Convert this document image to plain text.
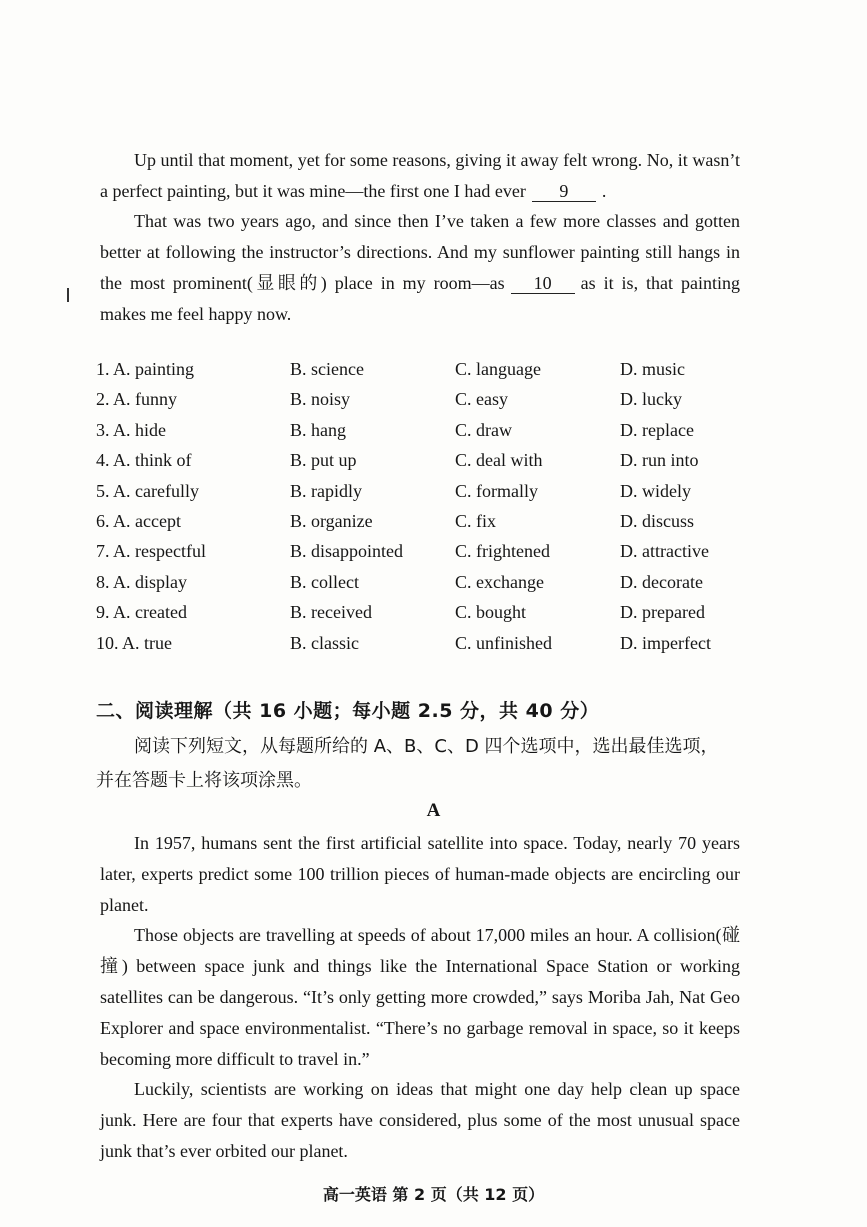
Up until that moment, yet for some reasons, giving it away felt wrong. No, it wasn’t a perfect painting, but it was mine—the first one I had ever 9 .

That was two years ago, and since then I’ve taken a few more classes and gotten better at following the instructor’s directions. And my sunflower painting still hangs in the most prominent(显眼的) place in my room—as 10 as it is, that painting makes me feel happy now.

1. A. painting	B. science	C. language	D. music
2. A. funny	B. noisy	C. easy	D. lucky
3. A. hide	B. hang	C. draw	D. replace
4. A. think of	B. put up	C. deal with	D. run into
5. A. carefully	B. rapidly	C. formally	D. widely
6. A. accept	B. organize	C. fix	D. discuss
7. A. respectful	B. disappointed	C. frightened	D. attractive
8. A. display	B. collect	C. exchange	D. decorate
9. A. created	B. received	C. bought	D. prepared
10. A. true	B. classic	C. unfinished	D. imperfect
二、阅读理解（共 16 小题；每小题 2.5 分，共 40 分）

阅读下列短文，从每题所给的 A、B、C、D 四个选项中，选出最佳选项，并在答题卡上将该项涂黑。

A

In 1957, humans sent the first artificial satellite into space. Today, nearly 70 years later, experts predict some 100 trillion pieces of human-made objects are encircling our planet.

Those objects are travelling at speeds of about 17,000 miles an hour. A collision(碰撞) between space junk and things like the International Space Station or working satellites can be dangerous. “It’s only getting more crowded,” says Moriba Jah, Nat Geo Explorer and space environmentalist. “There’s no garbage removal in space, so it keeps becoming more difficult to travel in.”

Luckily, scientists are working on ideas that might one day help clean up space junk. Here are four that experts have considered, plus some of the most unusual space junk that’s ever orbited our planet.

高一英语 第 2 页（共 12 页）
